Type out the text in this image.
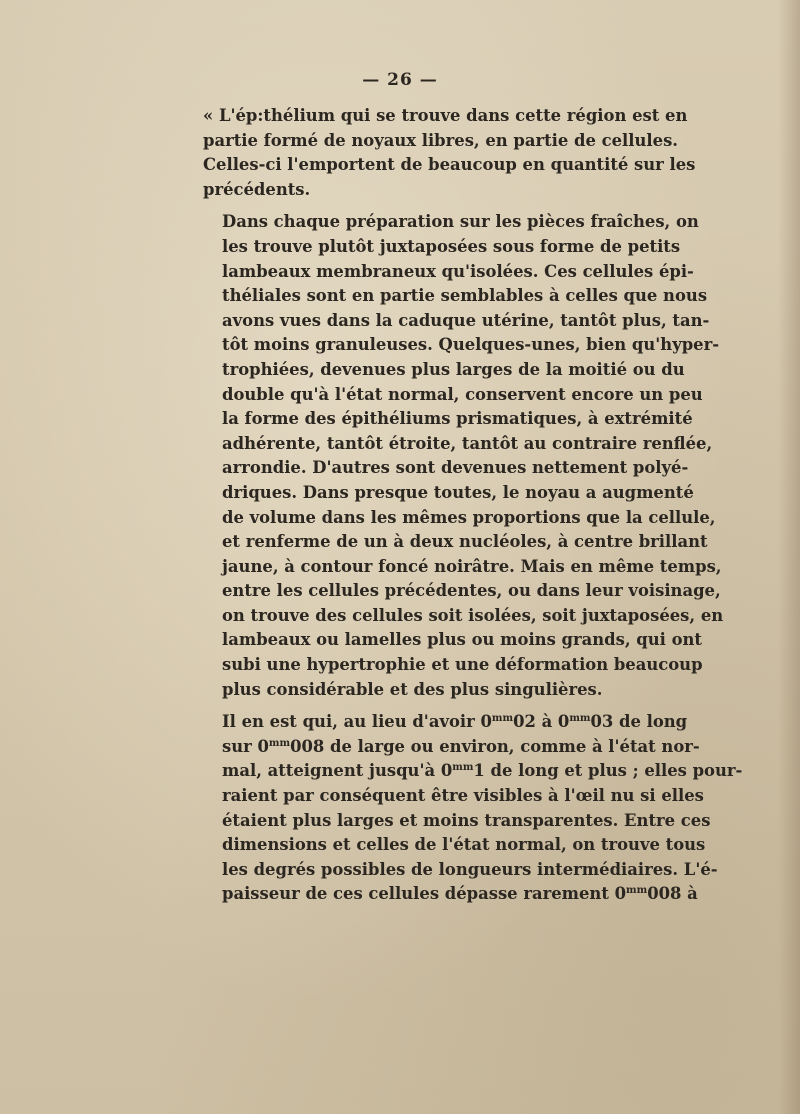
— 26 —

« L'ép:thélium qui se trouve dans cette région est en
partie formé de noyaux libres, en partie de cellules.
Celles-ci l'emportent de beaucoup en quantité sur les
précédents.

Dans chaque préparation sur les pièces fraîches, on
les trouve plutôt juxtaposées sous forme de petits
lambeaux membraneux qu'isolées. Ces cellules épi-
théliales sont en partie semblables à celles que nous
avons vues dans la caduque utérine, tantôt plus, tan-
tôt moins granuleuses. Quelques-unes, bien qu'hyper-
trophiées, devenues plus larges de la moitié ou du
double qu'à l'état normal, conservent encore un peu
la forme des épithéliums prismatiques, à extrémité
adhérente, tantôt étroite, tantôt au contraire renflée,
arrondie. D'autres sont devenues nettement polyé-
driques. Dans presque toutes, le noyau a augmenté
de volume dans les mêmes proportions que la cellule,
et renferme de un à deux nucléoles, à centre brillant
jaune, à contour foncé noirâtre. Mais en même temps,
entre les cellules précédentes, ou dans leur voisinage,
on trouve des cellules soit isolées, soit juxtaposées, en
lambeaux ou lamelles plus ou moins grands, qui ont
subi une hypertrophie et une déformation beaucoup
plus considérable et des plus singulières.

Il en est qui, au lieu d'avoir $0^{mm}02$ à $0^{mm}03$ de long
sur $0^{mm}008$ de large ou environ, comme à l'état nor-
mal, atteignent jusqu'à $0^{mm}1$ de long et plus ; elles pour-
raient par conséquent être visibles à l'œil nu si elles
étaient plus larges et moins transparentes. Entre ces
dimensions et celles de l'état normal, on trouve tous
les degrés possibles de longueurs intermédiaires. L'é-
paisseur de ces cellules dépasse rarement $0^{mm}008$ à
